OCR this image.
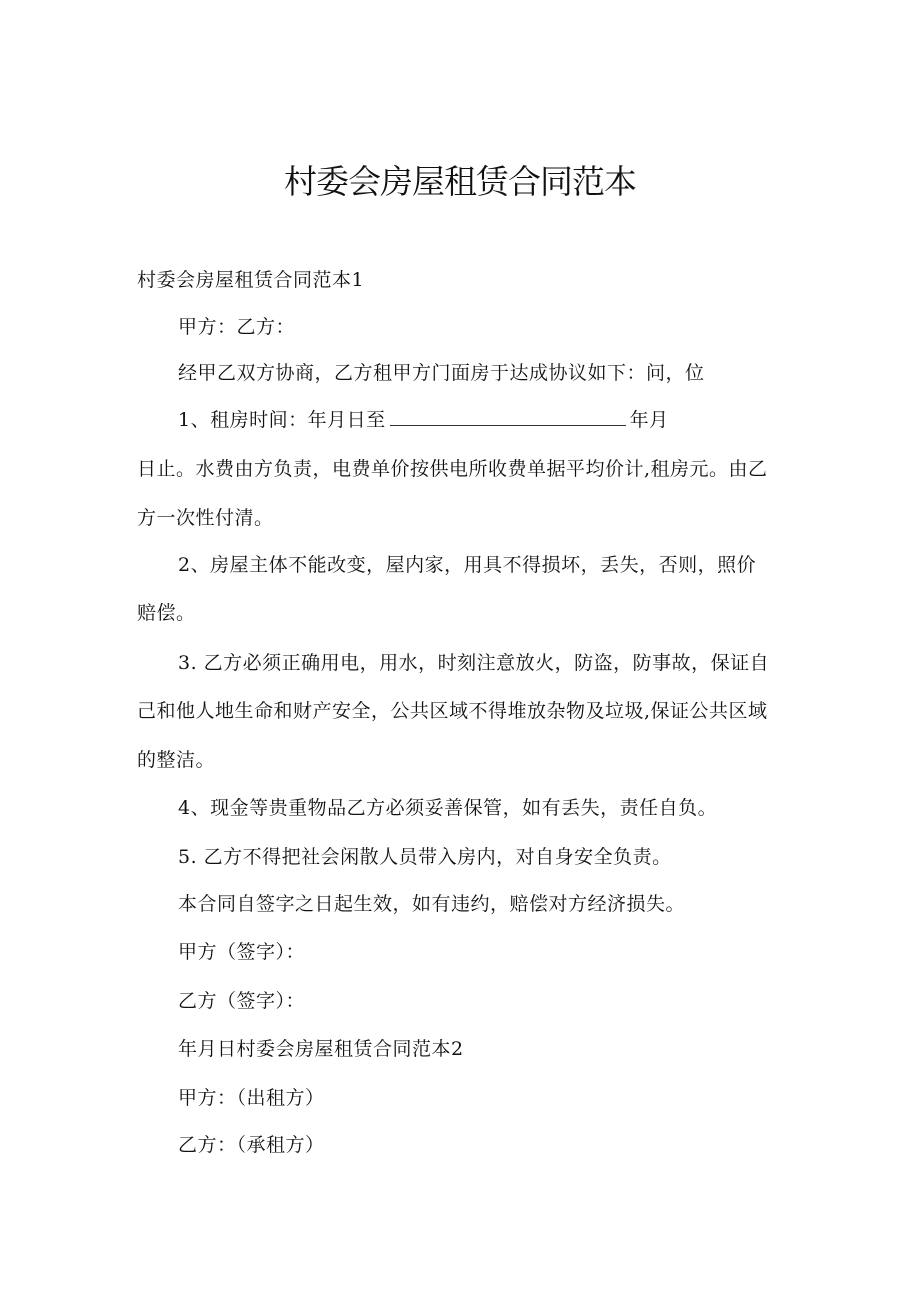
村委会房屋租赁合同范本
村委会房屋租赁合同范本1
甲方：乙方：
经甲乙双方协商，乙方租甲方门面房于达成协议如下：问，位
1、租房时间：年月日至	年月
日止。水费由方负责，电费单价按供电所收费单据平均价计,租房元。由乙
方一次性付清。
2、房屋主体不能改变，屋内家，用具不得损坏，丢失，否则，照价
赔偿。
3. 乙方必须正确用电，用水，时刻注意放火，防盗，防事故，保证自
己和他人地生命和财产安全，公共区域不得堆放杂物及垃圾,保证公共区域
的整洁。
4、现金等贵重物品乙方必须妥善保管，如有丢失，责任自负。
5. 乙方不得把社会闲散人员带入房内，对自身安全负责。
本合同自签字之日起生效，如有违约，赔偿对方经济损失。
甲方（签字）：
乙方（签字）：
年月日村委会房屋租赁合同范本2
甲方：（出租方）
乙方：（承租方）
